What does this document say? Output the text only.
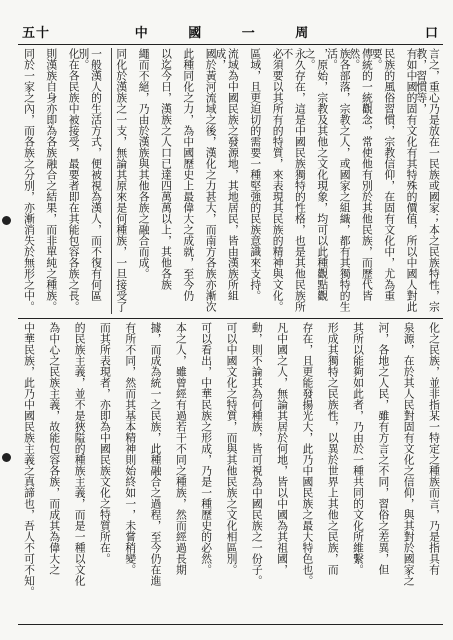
五十	中 國 一 周	口
言之，重心乃是放在一民族或國家；本之民族特性，宗教，習慣等，
有如中國的固有文化有其特殊的價值，所以中國人對此
民族的風俗習慣，宗教信仰，在固有文化中，尤為重要。
傳統的一統觀念，常使他有別於其他民族，而歷代皆然。
族各部落，宗教之人，或國家之組織，都有其獨特的生活。
，原始，宗教及其他之文化現象，均可以此種觀點觀之。
永久存在，這是中國民族獨特的性格，也是其他民族所不
必須要以其所有的特質，來表現其民族的精神與文化。
區域，且更迫切的需要一種堅強的民族意識來支持。
流域為中國民族之發源地，其地居民，皆由漢族所組成，
國於黃河流域之後，漢化之力甚大，而南方各族亦漸次
此種同化之力，為中國歷史上最偉大之成就，至今仍
以迄今日，漢族之人口已達四萬萬以上，其他各族
繩而不絕，乃由於漢族與其他各族之融合而成。
同化於漢族之一支，無論其原來是何種族，一旦接受了
一般漢人的生活方式，便被視為漢人，而不復有何區別。
化在各民族中被接受，最要者即在其能包容各族之長。
則漢族自身亦即為各族融合之結果，而非單純之種族。
同於一家之內，而各族之分別，亦漸消失於無形之中。
化之民族，並非指某一特定之種族而言，乃是指具有
泉源，在於其人民對固有文化之信仰，與其對於國家之
河，各地之人民，雖有方言之不同，習俗之差異，但
其所以能夠如此者，乃由於一種共同的文化所維繫。
形成其獨特之民族性，以異於世界上其他之民族，而
存在，且更能發揚光大，此乃中國民族之最大特色也。
凡中國之人，無論其居於何地，皆以中國為其祖國，
動，則不論其為何種族，皆可視為中國民族之一份子。
可以中國文化之特質，而與其他民族之文化相區別。
可以看出，中華民族之形成，乃是一種歷史的必然。
本之人，雖曾經有過若干不同之種族，然而經過長期
據，而成為統一之民族，此種融合之過程，至今仍在進
有所不同，然而其基本精神則始終如一，未嘗稍變。
而其所表現者，亦即為中國民族文化之特質所在。
的民族主義，並不是狹隘的種族主義，而是一種以文化
為中心之民族主義，故能包容各族，而成其為偉大之
中華民族，此乃中國民族主義之真諦也，吾人不可不知。
